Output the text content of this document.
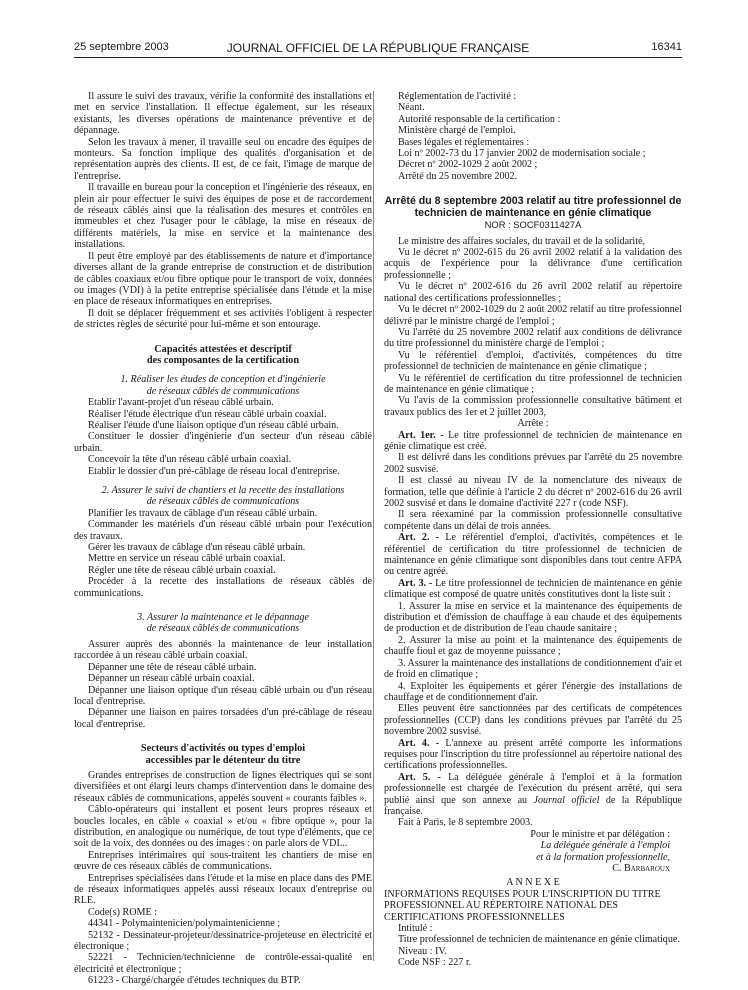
25 septembre 2003	JOURNAL OFFICIEL DE LA RÉPUBLIQUE FRANÇAISE	16341

Il assure le suivi des travaux, vérifie la conformité des installations et met en service l'installation. Il effectue également, sur les réseaux existants, les diverses opérations de maintenance préventive et de dépannage.

Selon les travaux à mener, il travaille seul ou encadre des équipes de monteurs. Sa fonction implique des qualités d'organisation et de représentation auprès des clients. Il est, de ce fait, l'image de marque de l'entreprise.

Il travaille en bureau pour la conception et l'ingénierie des réseaux, en plein air pour effectuer le suivi des équipes de pose et de raccordement de réseaux câblés ainsi que la réalisation des mesures et contrôles en immeubles et chez l'usager pour le câblage, la mise en réseaux de différents matériels, la mise en service et la maintenance des installations.

Il peut être employé par des établissements de nature et d'importance diverses allant de la grande entreprise de construction et de distribution de câbles coaxiaux et/ou fibre optique pour le transport de voix, données ou images (VDI) à la petite entreprise spécialisée dans l'étude et la mise en place de réseaux informatiques en entreprises.

Il doit se déplacer fréquemment et ses activités l'obligent à respecter de strictes règles de sécurité pour lui-même et son entourage.

Capacités attestées et descriptif

des composantes de la certification

1. Réaliser les études de conception et d'ingénierie

de réseaux câblés de communications

Etablir l'avant-projet d'un réseau câblé urbain.

Réaliser l'étude électrique d'un réseau câblé urbain coaxial.

Réaliser l'étude d'une liaison optique d'un réseau câblé urbain.

Constituer le dossier d'ingénierie d'un secteur d'un réseau câblé urbain.

Concevoir la tête d'un réseau câblé urbain coaxial.

Etablir le dossier d'un pré-câblage de réseau local d'entreprise.

2. Assurer le suivi de chantiers et la recette des installations

de réseaux câblés de communications

Planifier les travaux de câblage d'un réseau câblé urbain.

Commander les matériels d'un réseau câblé urbain pour l'exécution des travaux.

Gérer les travaux de câblage d'un réseau câblé urbain.

Mettre en service un réseau câblé urbain coaxial.

Régler une tête de réseau câblé urbain coaxial.

Procéder à la recette des installations de réseaux câblés de communications.

3. Assurer la maintenance et le dépannage

de réseaux câblés de communications

Assurer auprès des abonnés la maintenance de leur installation raccordée à un réseau câblé urbain coaxial.

Dépanner une tête de réseau câblé urbain.

Dépanner un réseau câblé urbain coaxial.

Dépanner une liaison optique d'un réseau câblé urbain ou d'un réseau local d'entreprise.

Dépanner une liaison en paires torsadées d'un pré-câblage de réseau local d'entreprise.

Secteurs d'activités ou types d'emploi

accessibles par le détenteur du titre

Grandes entreprises de construction de lignes électriques qui se sont diversifiées et ont élargi leurs champs d'intervention dans le domaine des réseaux câblés de communications, appelés souvent « courants faibles ».

Câblo-opérateurs qui installent et posent leurs propres réseaux et boucles locales, en câble « coaxial » et/ou « fibre optique », pour la distribution, en analogique ou numérique, de tout type d'éléments, que ce soit de la voix, des données ou des images : on parle alors de VDI...

Entreprises intérimaires qui sous-traitent les chantiers de mise en œuvre de ces réseaux câblés de communications.

Entreprises spécialisées dans l'étude et la mise en place dans des PME de réseaux informatiques appelés aussi réseaux locaux d'entreprise ou RLE.

Code(s) ROME :

44341 - Polymaintenicien/polymaintenicienne ;

52132 - Dessinateur-projeteur/dessinatrice-projeteuse en électricité et électronique ;

52221 - Technicien/technicienne de contrôle-essai-qualité en électricité et électronique ;

61223 - Chargé/chargée d'études techniques du BTP.

Réglementation de l'activité :

Néant.

Autorité responsable de la certification :

Ministère chargé de l'emploi.

Bases légales et réglementaires :

Loi nº 2002-73 du 17 janvier 2002 de modernisation sociale ;

Décret nº 2002-1029 2 août 2002 ;

Arrêté du 25 novembre 2002.

Arrêté du 8 septembre 2003 relatif au titre professionnel de technicien de maintenance en génie climatique

NOR : SOCF0311427A

Le ministre des affaires sociales, du travail et de la solidarité,

Vu le décret nº 2002-615 du 26 avril 2002 relatif à la validation des acquis de l'expérience pour la délivrance d'une certification professionnelle ;

Vu le décret nº 2002-616 du 26 avril 2002 relatif au répertoire national des certifications professionnelles ;

Vu le décret nº 2002-1029 du 2 août 2002 relatif au titre professionnel délivré par le ministre chargé de l'emploi ;

Vu l'arrêté du 25 novembre 2002 relatif aux conditions de délivrance du titre professionnel du ministère chargé de l'emploi ;

Vu le référentiel d'emploi, d'activités, compétences du titre professionnel de technicien de maintenance en génie climatique ;

Vu le référentiel de certification du titre professionnel de technicien de maintenance en génie climatique ;

Vu l'avis de la commission professionnelle consultative bâtiment et travaux publics des 1er et 2 juillet 2003,

Arrête :

Art. 1er. - Le titre professionnel de technicien de maintenance en génie climatique est créé.

Il est délivré dans les conditions prévues par l'arrêté du 25 novembre 2002 susvisé.

Il est classé au niveau IV de la nomenclature des niveaux de formation, telle que définie à l'article 2 du décret nº 2002-616 du 26 avril 2002 susvisé et dans le domaine d'activité 227 r (code NSF).

Il sera réexaminé par la commission professionnelle consultative compétente dans un délai de trois années.

Art. 2. - Le référentiel d'emploi, d'activités, compétences et le référentiel de certification du titre professionnel de technicien de maintenance en génie climatique sont disponibles dans tout centre AFPA ou centre agréé.

Art. 3. - Le titre professionnel de technicien de maintenance en génie climatique est composé de quatre unités constitutives dont la liste suit :

1. Assurer la mise en service et la maintenance des équipements de distribution et d'émission de chauffage à eau chaude et des équipements de production et de distribution de l'eau chaude sanitaire ;

2. Assurer la mise au point et la maintenance des équipements de chauffe fioul et gaz de moyenne puissance ;

3. Assurer la maintenance des installations de conditionnement d'air et de froid en climatique ;

4. Exploiter les équipements et gérer l'énergie des installations de chauffage et de conditionnement d'air.

Elles peuvent être sanctionnées par des certificats de compétences professionnelles (CCP) dans les conditions prévues par l'arrêté du 25 novembre 2002 susvisé.

Art. 4. - L'annexe au présent arrêté comporte les informations requises pour l'inscription du titre professionnel au répertoire national des certifications professionnelles.

Art. 5. - La déléguée générale à l'emploi et à la formation professionnelle est chargée de l'exécution du présent arrêté, qui sera publié ainsi que son annexe au Journal officiel de la République française.

Fait à Paris, le 8 septembre 2003.

Pour le ministre et par délégation :

La déléguée générale à l'emploi

et à la formation professionnelle,

C. Barbaroux

A N N E X E

INFORMATIONS REQUISES POUR L'INSCRIPTION DU TITRE PROFESSIONNEL AU RÉPERTOIRE NATIONAL DES CERTIFICATIONS PROFESSIONNELLES

Intitulé :

Titre professionnel de technicien de maintenance en génie climatique.

Niveau : IV.

Code NSF : 227 r.
